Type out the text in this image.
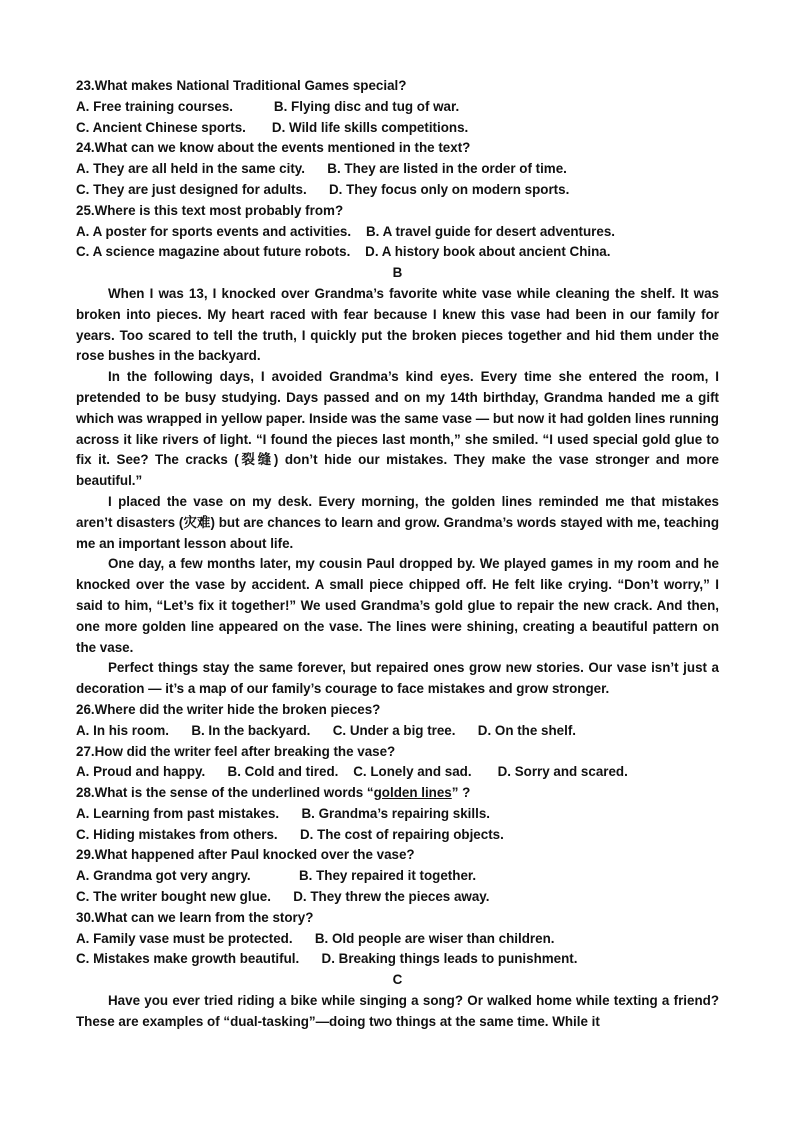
23.What makes National Traditional Games special?
A. Free training courses.           B. Flying disc and tug of war.
C. Ancient Chinese sports.       D. Wild life skills competitions.
24.What can we know about the events mentioned in the text?
A. They are all held in the same city.      B. They are listed in the order of time.
C. They are just designed for adults.      D. They focus only on modern sports.
25.Where is this text most probably from?
A. A poster for sports events and activities.    B. A travel guide for desert adventures.
C. A science magazine about future robots.    D. A history book about ancient China.
B
When I was 13, I knocked over Grandma’s favorite white vase while cleaning the shelf. It was broken into pieces. My heart raced with fear because I knew this vase had been in our family for years. Too scared to tell the truth, I quickly put the broken pieces together and hid them under the rose bushes in the backyard.
In the following days, I avoided Grandma’s kind eyes. Every time she entered the room, I pretended to be busy studying. Days passed and on my 14th birthday, Grandma handed me a gift which was wrapped in yellow paper. Inside was the same vase — but now it had golden lines running across it like rivers of light. “I found the pieces last month,” she smiled. “I used special gold glue to fix it. See? The cracks (裂缝) don’t hide our mistakes. They make the vase stronger and more beautiful.”
I placed the vase on my desk. Every morning, the golden lines reminded me that mistakes aren’t disasters (灾难) but are chances to learn and grow. Grandma’s words stayed with me, teaching me an important lesson about life.
One day, a few months later, my cousin Paul dropped by. We played games in my room and he knocked over the vase by accident. A small piece chipped off. He felt like crying. “Don’t worry,” I said to him, “Let’s fix it together!” We used Grandma’s gold glue to repair the new crack. And then, one more golden line appeared on the vase. The lines were shining, creating a beautiful pattern on the vase.
Perfect things stay the same forever, but repaired ones grow new stories. Our vase isn’t just a decoration — it’s a map of our family’s courage to face mistakes and grow stronger.
26.Where did the writer hide the broken pieces?
A. In his room.      B. In the backyard.      C. Under a big tree.      D. On the shelf.
27.How did the writer feel after breaking the vase?
A. Proud and happy.      B. Cold and tired.    C. Lonely and sad.       D. Sorry and scared.
28.What is the sense of the underlined words “golden lines” ?
A. Learning from past mistakes.      B. Grandma’s repairing skills.
C. Hiding mistakes from others.      D. The cost of repairing objects.
29.What happened after Paul knocked over the vase?
A. Grandma got very angry.             B. They repaired it together.
C. The writer bought new glue.      D. They threw the pieces away.
30.What can we learn from the story?
A. Family vase must be protected.      B. Old people are wiser than children.
C. Mistakes make growth beautiful.      D. Breaking things leads to punishment.
C
Have you ever tried riding a bike while singing a song? Or walked home while texting a friend? These are examples of “dual-tasking”—doing two things at the same time. While it
